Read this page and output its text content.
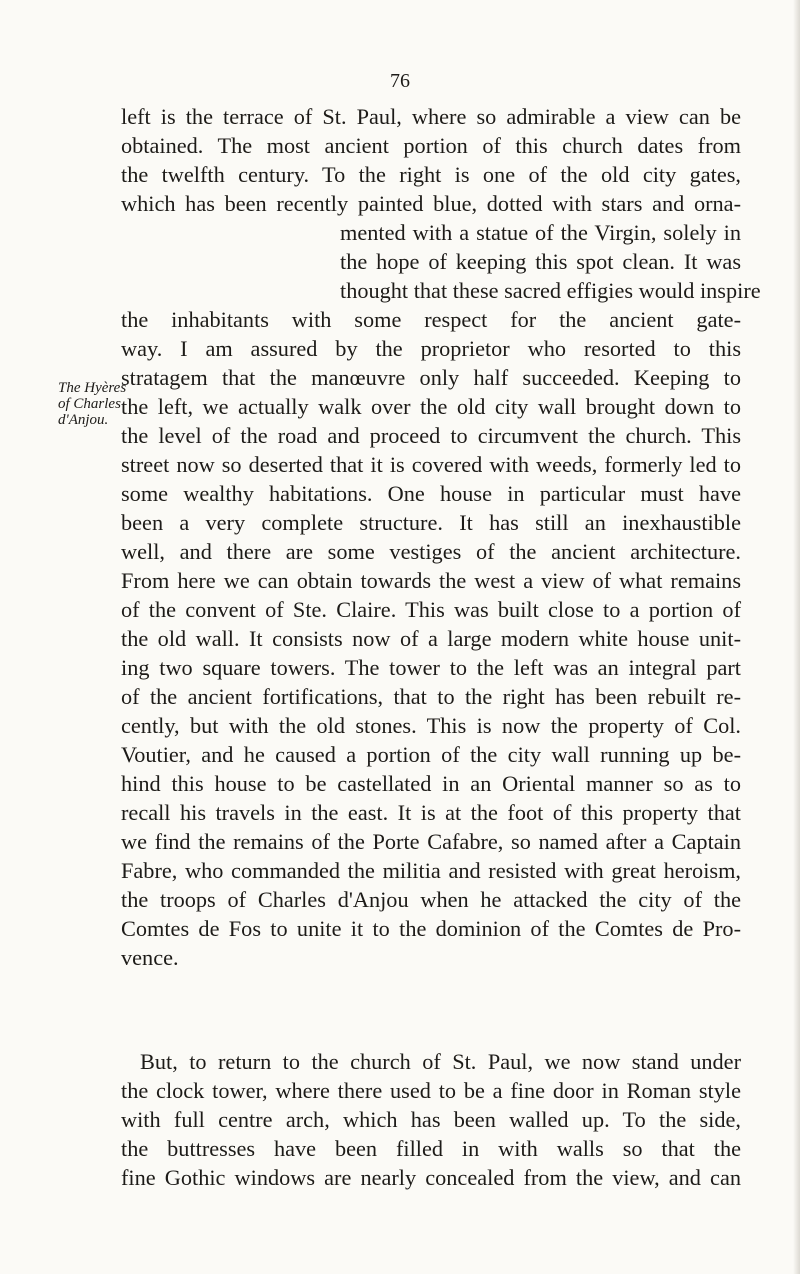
76
The Hyères
of Charles
d'Anjou.
left is the terrace of St. Paul, where so admirable a view can be
obtained. The most ancient portion of this church dates from
the twelfth century. To the right is one of the old city gates,
which has been recently painted blue, dotted with stars and orna-
mented with a statue of the Virgin, solely in
the hope of keeping this spot clean. It was
thought that these sacred effigies would inspire
the inhabitants with some respect for the ancient gate-
way. I am assured by the proprietor who resorted to this
stratagem that the manœuvre only half succeeded. Keeping to
the left, we actually walk over the old city wall brought down to
the level of the road and proceed to circumvent the church. This
street now so deserted that it is covered with weeds, formerly led to
some wealthy habitations. One house in particular must have
been a very complete structure. It has still an inexhaustible
well, and there are some vestiges of the ancient architecture.
From here we can obtain towards the west a view of what remains
of the convent of Ste. Claire. This was built close to a portion of
the old wall. It consists now of a large modern white house unit-
ing two square towers. The tower to the left was an integral part
of the ancient fortifications, that to the right has been rebuilt re-
cently, but with the old stones. This is now the property of Col.
Voutier, and he caused a portion of the city wall running up be-
hind this house to be castellated in an Oriental manner so as to
recall his travels in the east. It is at the foot of this property that
we find the remains of the Porte Cafabre, so named after a Captain
Fabre, who commanded the militia and resisted with great heroism,
the troops of Charles d'Anjou when he attacked the city of the
Comtes de Fos to unite it to the dominion of the Comtes de Pro-
vence.
But, to return to the church of St. Paul, we now stand under
the clock tower, where there used to be a fine door in Roman style
with full centre arch, which has been walled up. To the side,
the buttresses have been filled in with walls so that the
fine Gothic windows are nearly concealed from the view, and can
